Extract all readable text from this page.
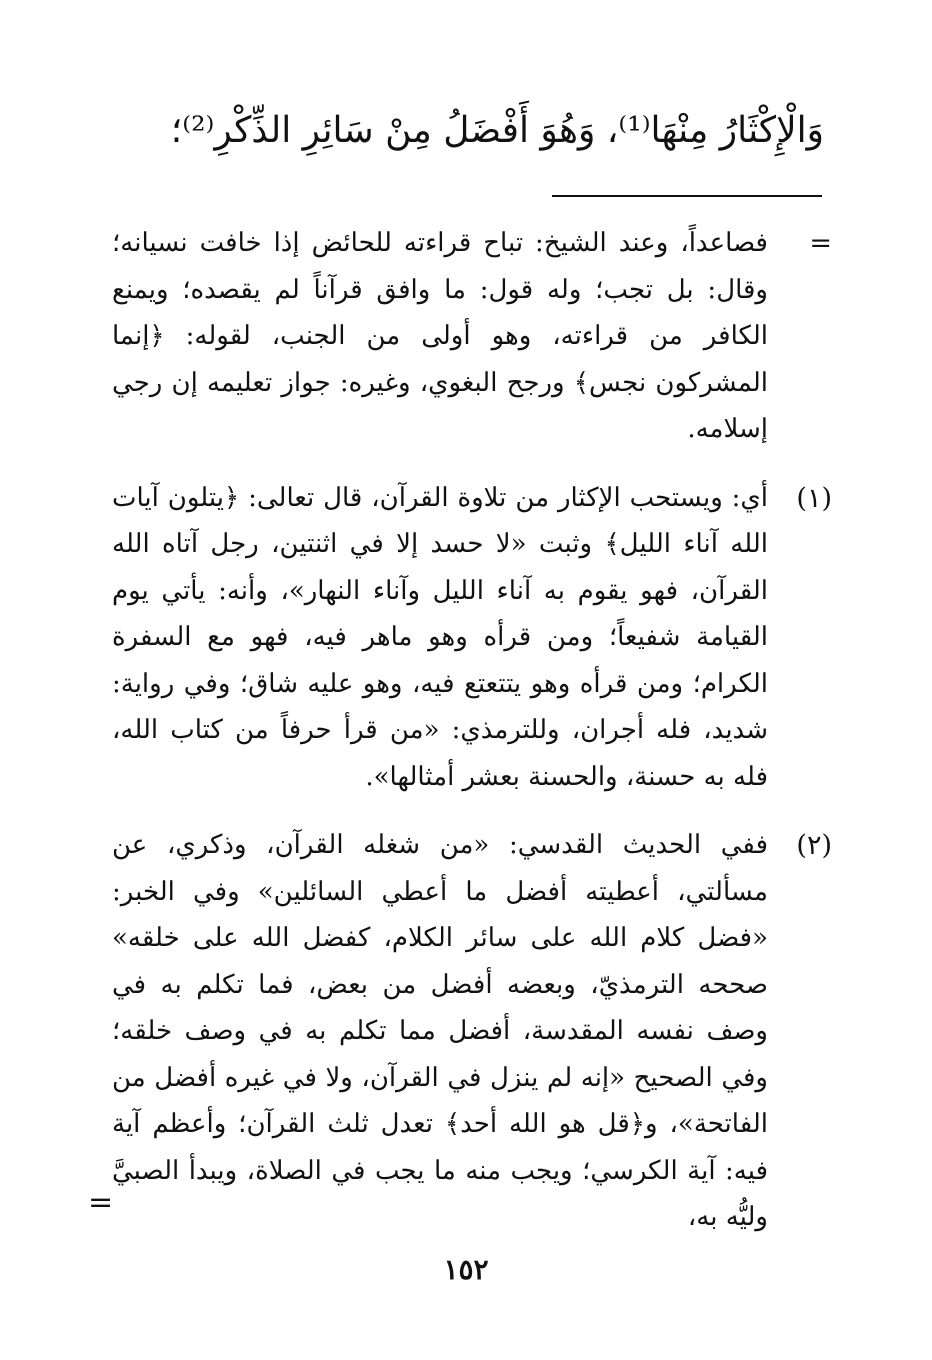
وَالْإِكْثَارُ مِنْهَا⁽¹⁾، وَهُوَ أَفْضَلُ مِنْ سَائِرِ الذِّكْرِ⁽²⁾؛
=
فصاعداً، وعند الشيخ: تباح قراءته للحائض إذا خافت نسيانه؛ وقال: بل تجب؛ وله قول: ما وافق قرآناً لم يقصده؛ ويمنع الكافر من قراءته، وهو أولى من الجنب، لقوله: ﴿إنما المشركون نجس﴾ ورجح البغوي، وغيره: جواز تعليمه إن رجي إسلامه.
(١)
أي: ويستحب الإكثار من تلاوة القرآن، قال تعالى: ﴿يتلون آيات الله آناء الليل﴾ وثبت «لا حسد إلا في اثنتين، رجل آتاه الله القرآن، فهو يقوم به آناء الليل وآناء النهار»، وأنه: يأتي يوم القيامة شفيعاً؛ ومن قرأه وهو ماهر فيه، فهو مع السفرة الكرام؛ ومن قرأه وهو يتتعتع فيه، وهو عليه شاق؛ وفي رواية: شديد، فله أجران، وللترمذي: «من قرأ حرفاً من كتاب الله، فله به حسنة، والحسنة بعشر أمثالها».
(٢)
ففي الحديث القدسي: «من شغله القرآن، وذكري، عن مسألتي، أعطيته أفضل ما أعطي السائلين» وفي الخبر: «فضل كلام الله على سائر الكلام، كفضل الله على خلقه» صححه الترمذيّ، وبعضه أفضل من بعض، فما تكلم به في وصف نفسه المقدسة، أفضل مما تكلم به في وصف خلقه؛ وفي الصحيح «إنه لم ينزل في القرآن، ولا في غيره أفضل من الفاتحة»، و﴿قل هو الله أحد﴾ تعدل ثلث القرآن؛ وأعظم آية فيه: آية الكرسي؛ ويجب منه ما يجب في الصلاة، ويبدأ الصبيَّ وليُّه به،
=
١٥٢
